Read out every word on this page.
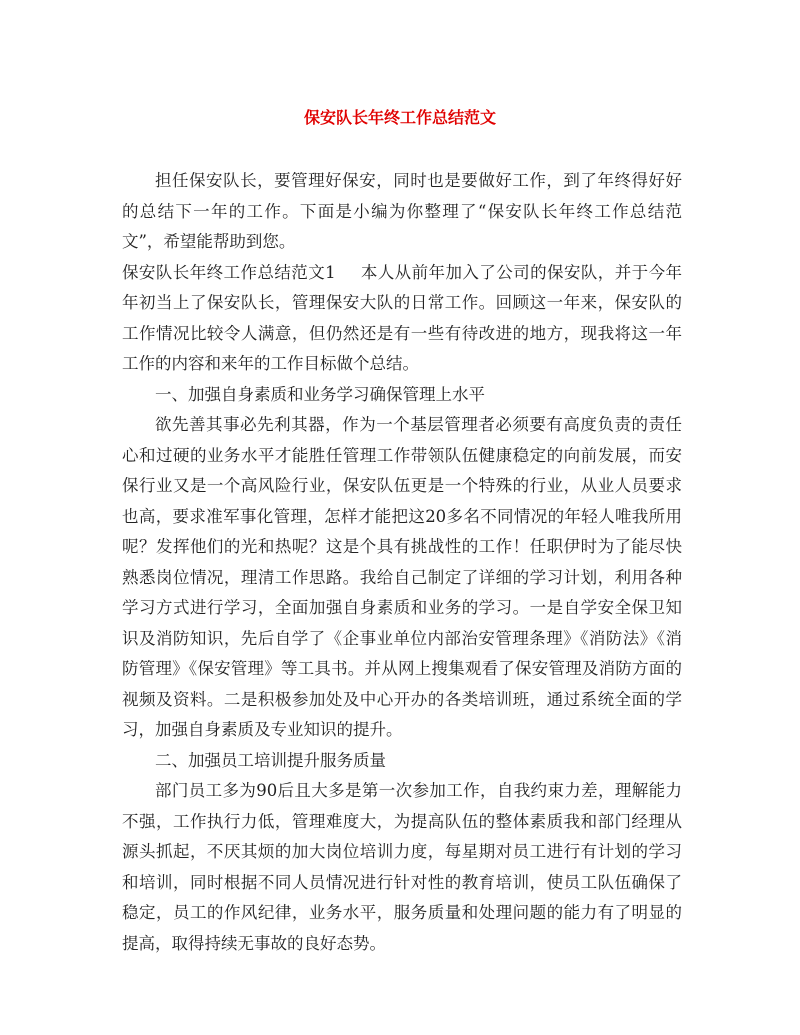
保安队长年终工作总结范文

担任保安队长，要管理好保安，同时也是要做好工作，到了年终得好好的总结下一年的工作。下面是小编为你整理了“保安队长年终工作总结范文”，希望能帮助到您。

保安队长年终工作总结范文1 本人从前年加入了公司的保安队，并于今年年初当上了保安队长，管理保安大队的日常工作。回顾这一年来，保安队的工作情况比较令人满意，但仍然还是有一些有待改进的地方，现我将这一年工作的内容和来年的工作目标做个总结。

一、加强自身素质和业务学习确保管理上水平

欲先善其事必先利其器，作为一个基层管理者必须要有高度负责的责任心和过硬的业务水平才能胜任管理工作带领队伍健康稳定的向前发展，而安保行业又是一个高风险行业，保安队伍更是一个特殊的行业，从业人员要求也高，要求准军事化管理，怎样才能把这20多名不同情况的年轻人唯我所用呢？发挥他们的光和热呢？这是个具有挑战性的工作！任职伊时为了能尽快熟悉岗位情况，理清工作思路。我给自己制定了详细的学习计划，利用各种学习方式进行学习，全面加强自身素质和业务的学习。一是自学安全保卫知识及消防知识，先后自学了《企事业单位内部治安管理条理》《消防法》《消防管理》《保安管理》等工具书。并从网上搜集观看了保安管理及消防方面的视频及资料。二是积极参加处及中心开办的各类培训班，通过系统全面的学习，加强自身素质及专业知识的提升。

二、加强员工培训提升服务质量

部门员工多为90后且大多是第一次参加工作，自我约束力差，理解能力不强，工作执行力低，管理难度大，为提高队伍的整体素质我和部门经理从源头抓起，不厌其烦的加大岗位培训力度，每星期对员工进行有计划的学习和培训，同时根据不同人员情况进行针对性的教育培训，使员工队伍确保了稳定，员工的作风纪律，业务水平，服务质量和处理问题的能力有了明显的提高，取得持续无事故的良好态势。
